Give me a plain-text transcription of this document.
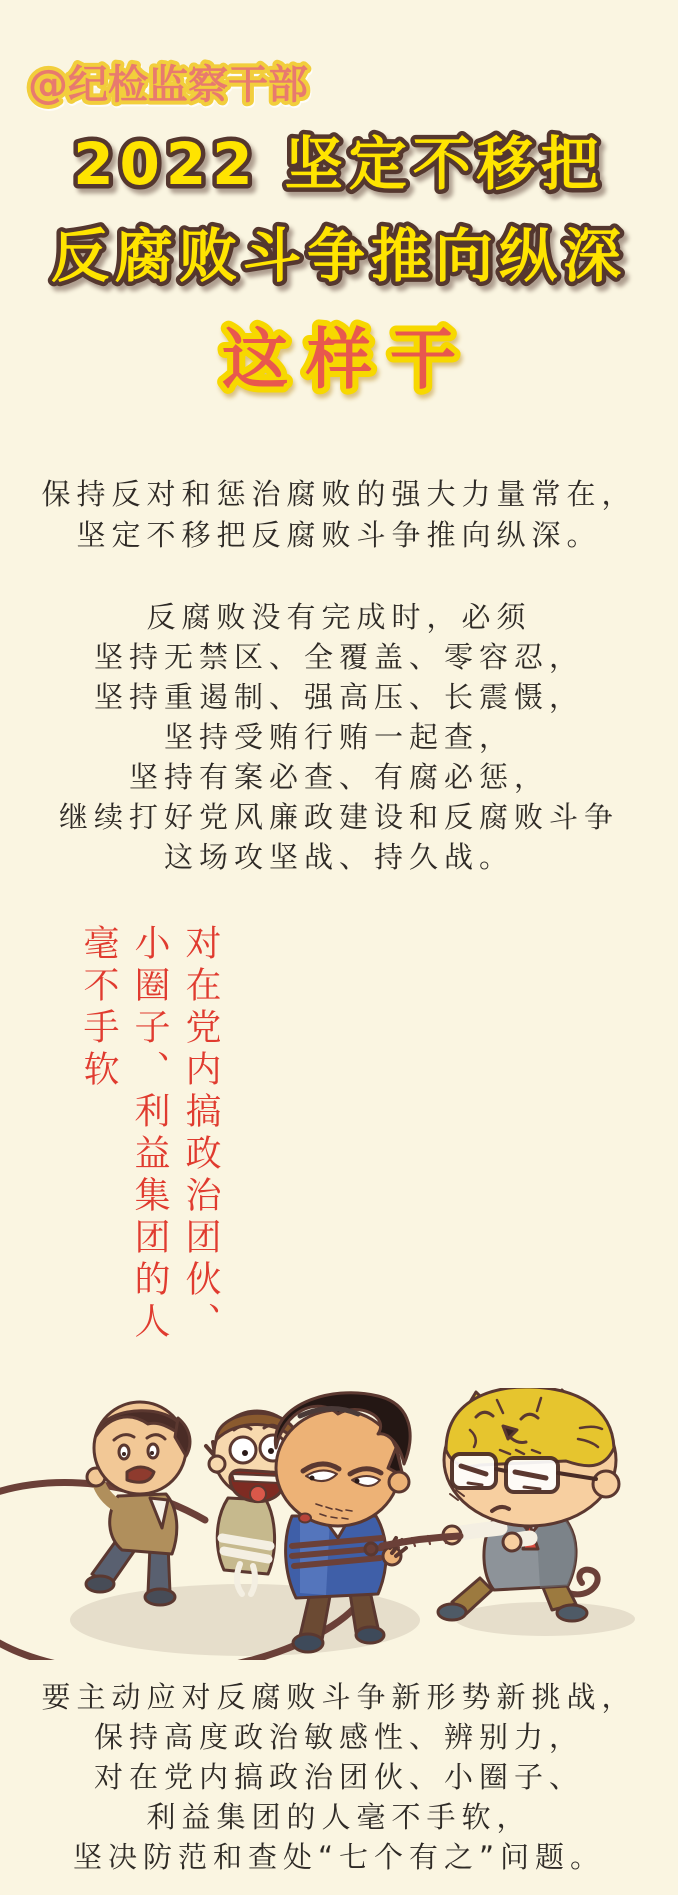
@纪检监察干部
2022 坚定不移把
反腐败斗争推向纵深
这样干
保持反对和惩治腐败的强大力量常在，
坚定不移把反腐败斗争推向纵深。
反腐败没有完成时，必须
坚持无禁区、全覆盖、零容忍，
坚持重遏制、强高压、长震慑，
坚持受贿行贿一起查，
坚持有案必查、有腐必惩，
继续打好党风廉政建设和反腐败斗争
这场攻坚战、持久战。
对在党内搞政治团伙、
小圈子、利益集团的人
毫不手软
要主动应对反腐败斗争新形势新挑战，
保持高度政治敏感性、辨别力，
对在党内搞政治团伙、小圈子、
利益集团的人毫不手软，
坚决防范和查处“七个有之”问题。
